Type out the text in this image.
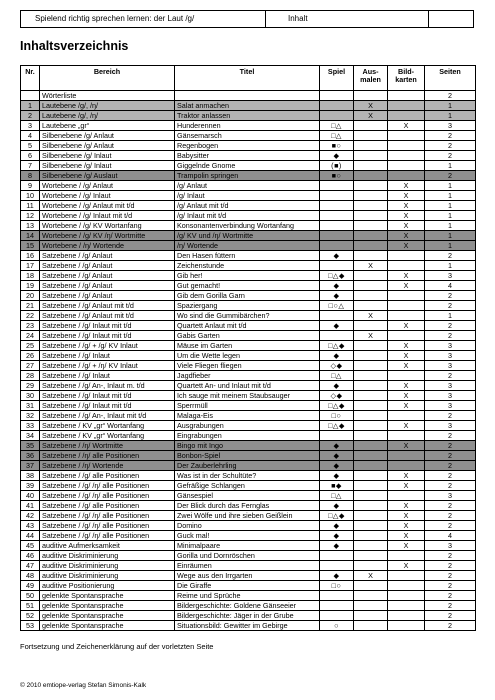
Spielend richtig sprechen lernen: der Laut /g/	Inhalt
Inhaltsverzeichnis
Nr.	Bereich	Titel	Spiel	Aus-malen	Bild-karten	Seiten
	Wörterliste					2
1	Lautebene /g/, /ŋ/	Salat anmachen		X		1
2	Lautebene /g/, /ŋ/	Traktor anlassen		X		1
3	Lautebene „gr“	Hunderennen	□△		X	3
4	Silbenebene /g/ Anlaut	Gänsemarsch	□△			2
5	Silbenebene /g/ Anlaut	Regenbogen	■○			2
6	Silbenebene /g/ Inlaut	Babysitter	◆			2
7	Silbenebene /g/ Inlaut	Giggelnde Gnome	(■)			1
8	Silbenebene /g/ Auslaut	Trampolin springen	■○			2
9	Wortebene / /g/ Anlaut	/g/ Anlaut			X	1
10	Wortebene / /g/ Inlaut	/g/ Inlaut			X	1
11	Wortebene / /g/ Anlaut mit t/d	/g/ Anlaut mit t/d			X	1
12	Wortebene / /g/ Inlaut mit t/d	/g/ Inlaut mit t/d			X	1
13	Wortebene / /g/ KV Wortanfang	Konsonantenverbindung Wortanfang			X	1
14	Wortebene / /g/ KV /ŋ/ Wortmitte	/g/ KV und /ŋ/ Wortmitte			X	1
15	Wortebene / /ŋ/ Wortende	/ŋ/ Wortende			X	1
16	Satzebene / /g/ Anlaut	Den Hasen füttern	◆			2
17	Satzebene / /g/ Anlaut	Zeichenstunde		X		1
18	Satzebene / /g/ Anlaut	Gib her!	□△◆		X	3
19	Satzebene / /g/ Anlaut	Gut gemacht!	◆		X	4
20	Satzebene / /g/ Anlaut	Gib dem Gorilla Garn	◆			2
21	Satzebene / /g/ Anlaut mit t/d	Spaziergang	□○△			2
22	Satzebene / /g/ Anlaut mit t/d	Wo sind die Gummibärchen?		X		1
23	Satzebene / /g/ Inlaut mit t/d	Quartett Anlaut mit t/d	◆		X	2
24	Satzebene / /g/ Inlaut mit t/d	Gabis Garten		X		2
25	Satzebene / /g/ + /g/ KV Inlaut	Mäuse im Garten	□△◆		X	3
26	Satzebene / /g/ Inlaut	Um die Wette legen	◆		X	3
27	Satzebene / /g/ + /ŋ/ KV Inlaut	Viele Fliegen fliegen	◇◆		X	3
28	Satzebene / /g/ Inlaut	Jagdfieber	□△			2
29	Satzebene / /g/ An-, Inlaut m. t/d	Quartett An- und Inlaut mit t/d	◆		X	3
30	Satzebene / /g/ Inlaut mit t/d	Ich sauge mit meinem Staubsauger	◇◆		X	3
31	Satzebene / /g/ Inlaut mit t/d	Sperrmüll	□△◆		X	3
32	Satzebene / /g/ An-, Inlaut mit t/d	Malaga-Eis	□○			2
33	Satzebene / KV „gr“ Wortanfang	Ausgrabungen	□△◆		X	3
34	Satzebene / KV „gr“ Wortanfang	Eingrabungen				2
35	Satzebene / /ŋ/ Wortmitte	Bingo mit Ingo	◆		X	2
36	Satzebene / /ŋ/ alle Positionen	Bonbon-Spiel	◆			2
37	Satzebene / /ŋ/ Wortende	Der Zauberlehrling	◆			2
38	Satzebene / /g/ alle Positionen	Was ist in der Schultüte?	◆		X	2
39	Satzebene / /g/ /ŋ/ alle Positionen	Gefräßige Schlangen	■◆		X	2
40	Satzebene / /g/ /ŋ/ alle Positionen	Gänsespiel	□△			3
41	Satzebene / /g/ alle Positionen	Der Blick durch das Fernglas	◆		X	2
42	Satzebene / /g/ /ŋ/ alle Positionen	Zwei Wölfe und ihre sieben Geißlein	□△◆		X	2
43	Satzebene / /g/ /ŋ/ alle Positionen	Domino	◆		X	2
44	Satzebene / /g/ /ŋ/ alle Positionen	Guck mal!	◆		X	4
45	auditive Aufmerksamkeit	Minimalpaare	◆		X	3
46	auditive Diskriminierung	Gorilla und Dornröschen				2
47	auditive Diskriminierung	Einräumen			X	2
48	auditive Diskriminierung	Wege aus den Irrgarten	◆	X		2
49	auditive Positionierung	Die Giraffe	□○			2
50	gelenkte Spontansprache	Reime und Sprüche				2
51	gelenkte Spontansprache	Bildergeschichte: Goldene Gänseeier				2
52	gelenkte Spontansprache	Bildergeschichte: Jäger in der Grube				2
53	gelenkte Spontansprache	Situationsbild: Gewitter im Gebirge	○			2
Fortsetzung und Zeichenerklärung auf der vorletzten Seite
© 2010 emtiope-verlag Stefan Simonis-Kalk
